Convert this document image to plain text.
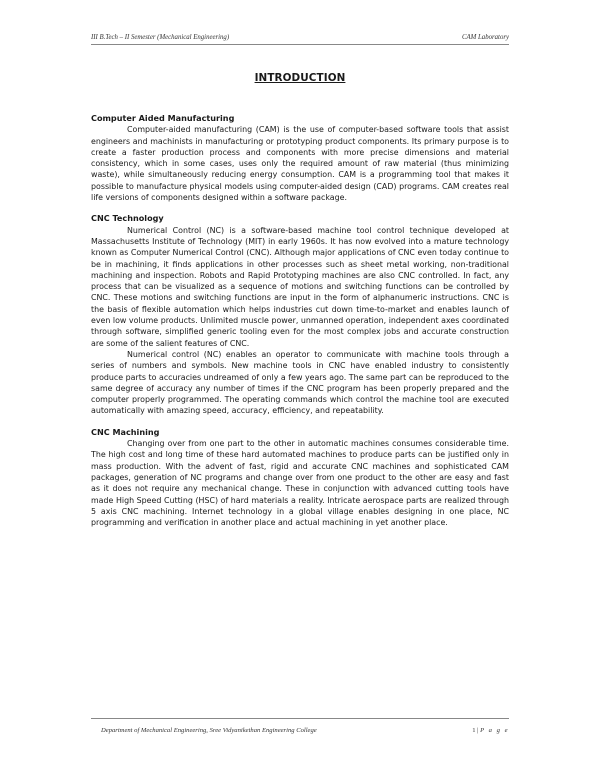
III B.Tech – II Semester (Mechanical Engineering)	CAM Laboratory
INTRODUCTION
Computer Aided Manufacturing

Computer-aided manufacturing (CAM) is the use of computer-based software tools that assist engineers and machinists in manufacturing or prototyping product components. Its primary purpose is to create a faster production process and components with more precise dimensions and material consistency, which in some cases, uses only the required amount of raw material (thus minimizing waste), while simultaneously reducing energy consumption. CAM is a programming tool that makes it possible to manufacture physical models using computer-aided design (CAD) programs. CAM creates real life versions of components designed within a software package.

CNC Technology

Numerical Control (NC) is a software-based machine tool control technique developed at Massachusetts Institute of Technology (MIT) in early 1960s. It has now evolved into a mature technology known as Computer Numerical Control (CNC). Although major applications of CNC even today continue to be in machining, it finds applications in other processes such as sheet metal working, non-traditional machining and inspection. Robots and Rapid Prototyping machines are also CNC controlled. In fact, any process that can be visualized as a sequence of motions and switching functions can be controlled by CNC. These motions and switching functions are input in the form of alphanumeric instructions. CNC is the basis of flexible automation which helps industries cut down time-to-market and enables launch of even low volume products. Unlimited muscle power, unmanned operation, independent axes coordinated through software, simplified generic tooling even for the most complex jobs and accurate construction are some of the salient features of CNC.

Numerical control (NC) enables an operator to communicate with machine tools through a series of numbers and symbols. New machine tools in CNC have enabled industry to consistently produce parts to accuracies undreamed of only a few years ago. The same part can be reproduced to the same degree of accuracy any number of times if the CNC program has been properly prepared and the computer properly programmed. The operating commands which control the machine tool are executed automatically with amazing speed, accuracy, efficiency, and repeatability.

CNC Machining

Changing over from one part to the other in automatic machines consumes considerable time. The high cost and long time of these hard automated machines to produce parts can be justified only in mass production. With the advent of fast, rigid and accurate CNC machines and sophisticated CAM packages, generation of NC programs and change over from one product to the other are easy and fast as it does not require any mechanical change. These in conjunction with advanced cutting tools have made High Speed Cutting (HSC) of hard materials a reality. Intricate aerospace parts are realized through 5 axis CNC machining. Internet technology in a global village enables designing in one place, NC programming and verification in another place and actual machining in yet another place.

Department of Mechanical Engineering, Sree Vidyanikethan Engineering College	1 | P a g e
